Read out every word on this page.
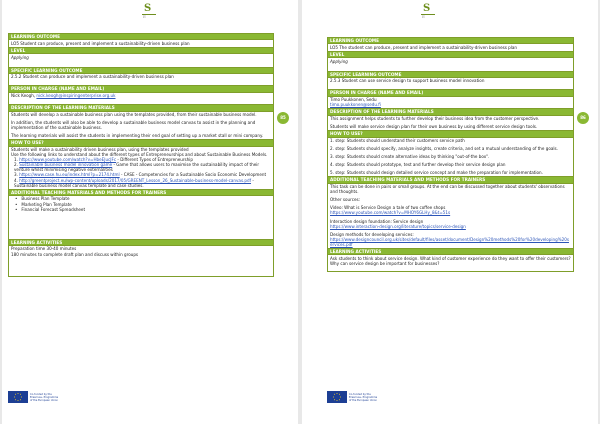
S
E
85
LEARNING OUTCOME
LO5 Student can produce, present and implement a sustainability-driven business plan
LEVEL
Applying
SPECIFIC LEARNING OUTCOME
2.5.2 Student can produce and implement a sustainability-driven business plan
PERSON IN CHARGE (NAME AND EMAIL)
Nick Keogh, nick.keogh@inspiringenterprise.org.uk
DESCRIPTION OF THE LEARNING MATERIALS

Students will develop a sustainable business plan using the templates provided, from their sustainable business model.

In addition, the students will also be able to develop a sustainable business model canvas to assist in the planning and implementation of the sustainable business.

The learning materials will assist the students in implementing their end goal of setting up a market stall or mini company.

HOW TO USE?

Students will make a sustainability driven business plan, using the templates provided

Use the following links to understand about the different types of Entrepreneurships and about Sustainable Business Models.

1. https://www.youtube.com/watch?v=HbeEJucJFc - Different Types of Entrepreneurship
2. Sustainable business model innovation game - Game that allows users to maximise the sustainability impact of their venture whilst minimising negative externalities
3. https://www.case.hu.eu/index.html?p=2174.html - CASE - Competencies for a Sustainable Socio Economic Development
4. http://greentproject.eu/wp-content/uploads/2017/05/GREENT_Lesson_26_Sustainable-business-model-canvas.pdf - Sustainable business model canvas template and case studies.
ADDITIONAL TEACHING MATERIALS AND METHODS FOR TRAINERS
• Business Plan Template
• Marketing Plan Template
• Financial Forecast Spreadsheet
LEARNING ACTIVITIES

Preparation time 30-40 minutes

180 minutes to complete draft plan and discuss within groups

Co-funded by the
Erasmus+ Programme
of the European Union
S
E
86
LEARNING OUTCOME
LO5 The student can produce, present and implement a sustainability-driven business plan
LEVEL
Applying
SPECIFIC LEARNING OUTCOME
2.5.3 Student can use service design to support business model innovation
PERSON IN CHARGE (NAME AND EMAIL)
Timo Puukkonen, Sedu
timo.puukkonen@sedu.fi
DESCRIPTION OF THE LEARNING MATERIALS

This assignment helps students to further develop their business idea from the customer perspective.

Students will make service design plan for their own business by using different service design tools.

HOW TO USE?

1. step: Students should understand their customers service path

2. step: Students should specify, analyze insights, create criteria, and set a mutual understanding of the goals.

3. step: Students should create alternative ideas by thinking "out-of-the box".

4. step: Students should prototype, test and further develop their service design plan

5. step: Students should design detailed service concept and make the preparation for implementation.

ADDITIONAL TEACHING MATERIALS AND METHODS FOR TRAINERS

This task can be done in pairs or small groups. At the end can be discussed together about students' observations and thoughts.

Other sources:

Video: What is Service Design a tale of two coffee shops
https://www.youtube.com/watch?v=MHOY6GLHy_8&t=51s

Interaction design foundation: Service design
https://www.interaction-design.org/literature/topics/service-design

Design methods for developing services:
https://www.designcouncil.org.uk/sites/default/files/asset/document/Design%20methods%20for%20developing%20services.pdf

LEARNING ACTIVITIES

Ask students to think about service design. What kind of customer experience do they want to offer their customers? Why can service design be important for businesses?

Co-funded by the
Erasmus+ Programme
of the European Union
